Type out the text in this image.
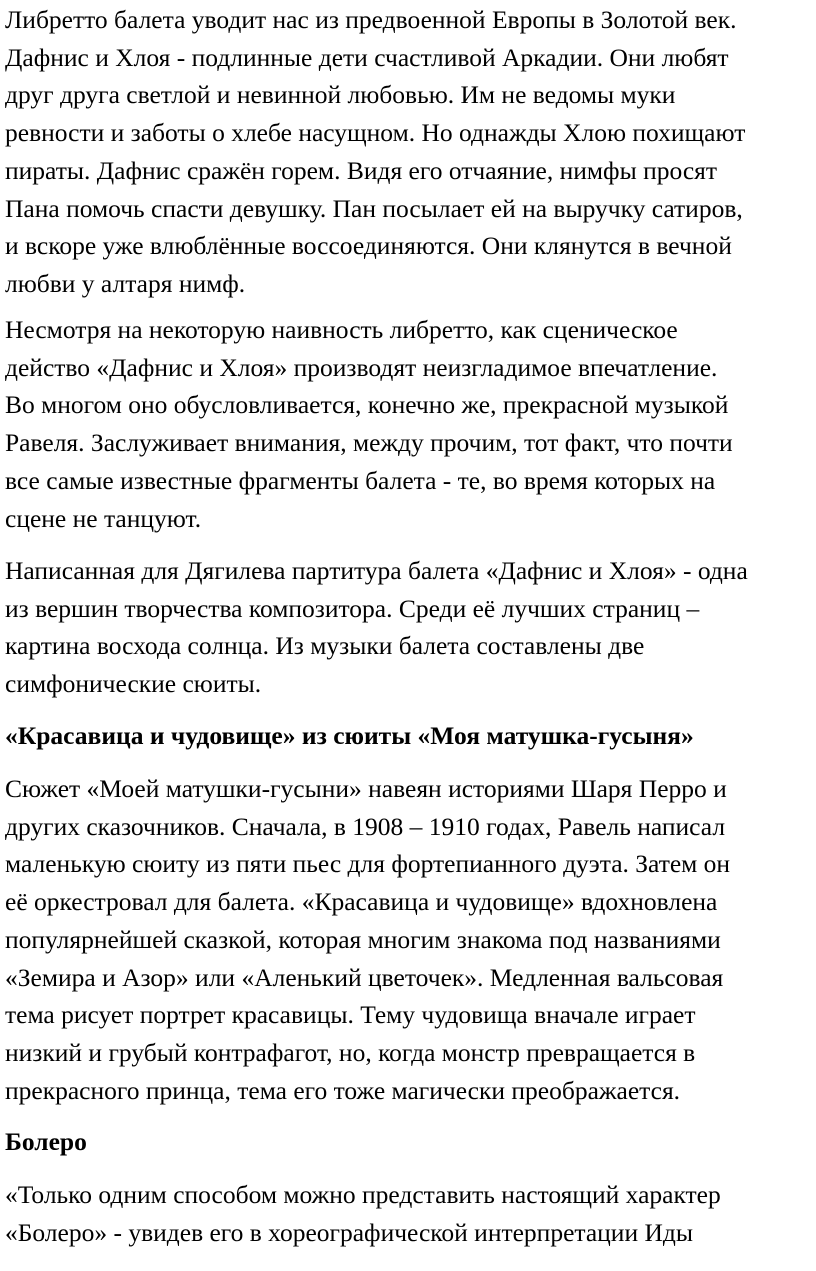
Либретто балета уводит нас из предвоенной Европы в Золотой век.
Дафнис и Хлоя - подлинные дети счастливой Аркадии. Они любят
друг друга светлой и невинной любовью. Им не ведомы муки
ревности и заботы о хлебе насущном. Но однажды Хлою похищают
пираты. Дафнис сражён горем. Видя его отчаяние, нимфы просят
Пана помочь спасти девушку. Пан посылает ей на выручку сатиров,
и вскоре уже влюблённые воссоединяются. Они клянутся в вечной
любви у алтаря нимф.
Несмотря на некоторую наивность либретто, как сценическое
действо «Дафнис и Хлоя» производят неизгладимое впечатление.
Во многом оно обусловливается, конечно же, прекрасной музыкой
Равеля. Заслуживает внимания, между прочим, тот факт, что почти
все самые известные фрагменты балета - те, во время которых на
сцене не танцуют.
Написанная для Дягилева партитура балета «Дафнис и Хлоя» - одна
из вершин творчества композитора. Среди её лучших страниц –
картина восхода солнца. Из музыки балета составлены две
симфонические сюиты.
«Красавица и чудовище» из сюиты «Моя матушка-гусыня»
Сюжет «Моей матушки-гусыни» навеян историями Шаря Перро и
других сказочников. Сначала, в 1908 – 1910 годах, Равель написал
маленькую сюиту из пяти пьес для фортепианного дуэта. Затем он
её оркестровал для балета. «Красавица и чудовище» вдохновлена
популярнейшей сказкой, которая многим знакома под названиями
«Земира и Азор» или «Аленький цветочек». Медленная вальсовая
тема рисует портрет красавицы. Тему чудовища вначале играет
низкий и грубый контрафагот, но, когда монстр превращается в
прекрасного принца, тема его тоже магически преображается.
Болеро
«Только одним способом можно представить настоящий характер
«Болеро» - увидев его в хореографической интерпретации Иды
